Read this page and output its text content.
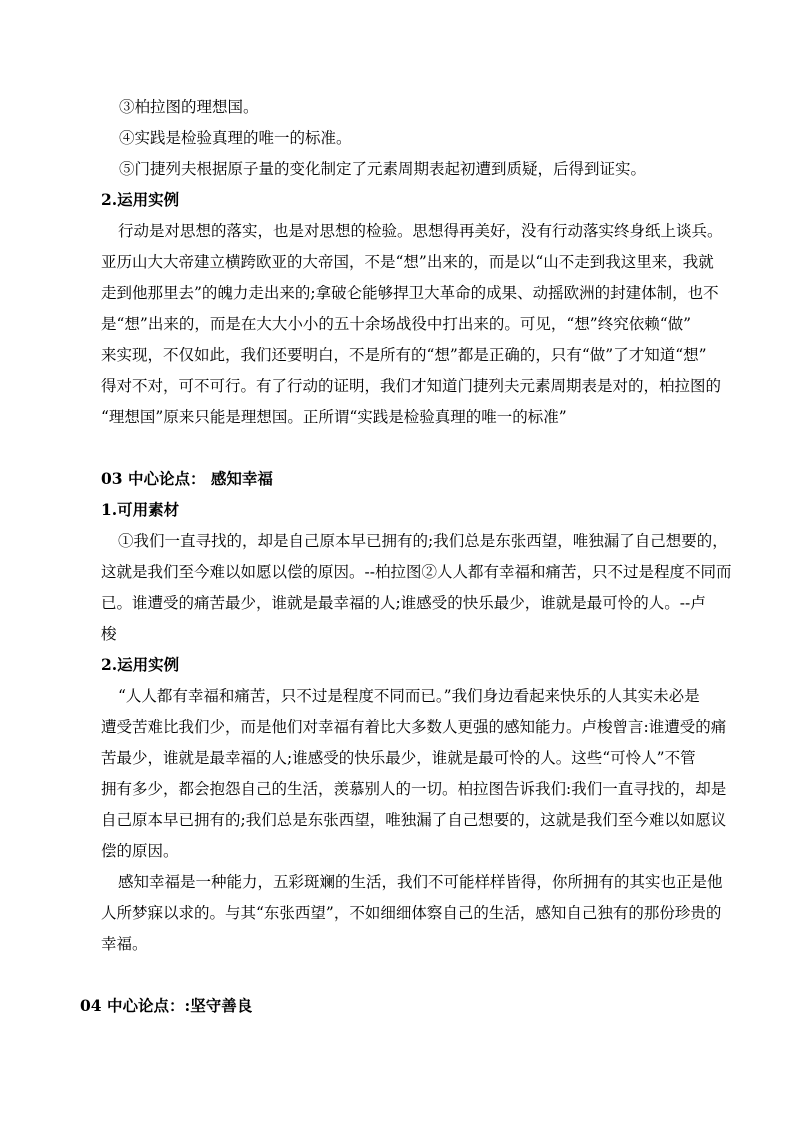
③柏拉图的理想国。
④实践是检验真理的唯一的标准。
⑤门捷列夫根据原子量的变化制定了元素周期表起初遭到质疑，后得到证实。
2.运用实例
行动是对思想的落实，也是对思想的检验。思想得再美好，没有行动落实终身纸上谈兵。
亚历山大大帝建立横跨欧亚的大帝国，不是“想”出来的，而是以“山不走到我这里来，我就
走到他那里去”的魄力走出来的;拿破仑能够捍卫大革命的成果、动摇欧洲的封建体制，也不
是“想”出来的，而是在大大小小的五十余场战役中打出来的。可见，“想”终究依赖“做”
来实现，不仅如此，我们还要明白，不是所有的“想”都是正确的，只有“做”了才知道“想”
得对不对，可不可行。有了行动的证明，我们才知道门捷列夫元素周期表是对的，柏拉图的
“理想国”原来只能是理想国。正所谓“实践是检验真理的唯一的标准”
03 中心论点： 感知幸福
1.可用素材
①我们一直寻找的，却是自己原本早已拥有的;我们总是东张西望，唯独漏了自己想要的，
这就是我们至今难以如愿以偿的原因。--柏拉图②人人都有幸福和痛苦，只不过是程度不同而
已。谁遭受的痛苦最少，谁就是最幸福的人;谁感受的快乐最少，谁就是最可怜的人。--卢
梭
2.运用实例
“人人都有幸福和痛苦，只不过是程度不同而已。”我们身边看起来快乐的人其实未必是
遭受苦难比我们少，而是他们对幸福有着比大多数人更强的感知能力。卢梭曾言:谁遭受的痛
苦最少，谁就是最幸福的人;谁感受的快乐最少，谁就是最可怜的人。这些“可怜人”不管
拥有多少，都会抱怨自己的生活，羡慕别人的一切。柏拉图告诉我们:我们一直寻找的，却是
自己原本早已拥有的;我们总是东张西望，唯独漏了自己想要的，这就是我们至今难以如愿议
偿的原因。
感知幸福是一种能力，五彩斑斓的生活，我们不可能样样皆得，你所拥有的其实也正是他
人所梦寐以求的。与其“东张西望”，不如细细体察自己的生活，感知自己独有的那份珍贵的
幸福。
04 中心论点：:坚守善良
